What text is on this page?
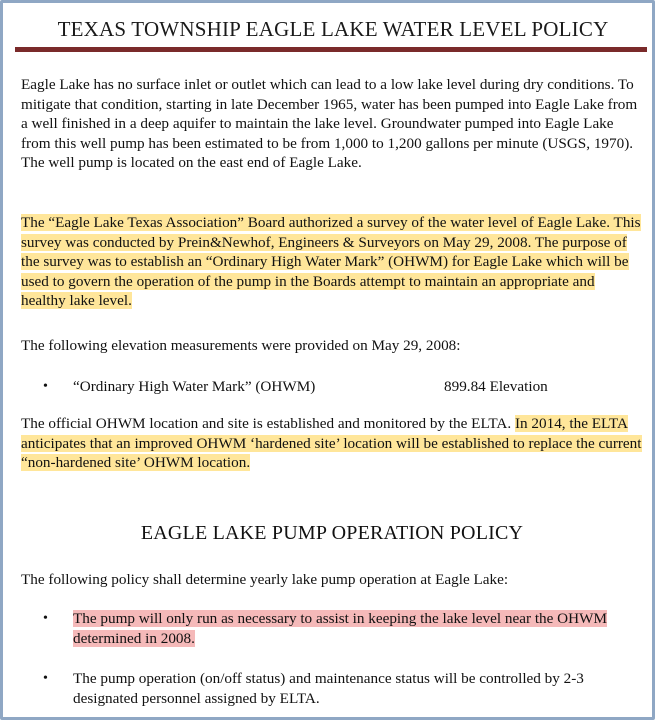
TEXAS TOWNSHIP EAGLE LAKE WATER LEVEL POLICY
Eagle Lake has no surface inlet or outlet which can lead to a low lake level during dry conditions. To mitigate that condition, starting in late December 1965, water has been pumped into Eagle Lake from a well finished in a deep aquifer to maintain the lake level. Groundwater pumped into Eagle Lake from this well pump has been estimated to be from 1,000 to 1,200 gallons per minute (USGS, 1970). The well pump is located on the east end of Eagle Lake.
The “Eagle Lake Texas Association” Board authorized a survey of the water level of Eagle Lake. This survey was conducted by Prein&Newhof, Engineers & Surveyors on May 29, 2008. The purpose of the survey was to establish an “Ordinary High Water Mark” (OHWM) for Eagle Lake which will be used to govern the operation of the pump in the Boards attempt to maintain an appropriate and healthy lake level.
The following elevation measurements were provided on May 29, 2008:
• “Ordinary High Water Mark” (OHWM)	899.84 Elevation
The official OHWM location and site is established and monitored by the ELTA. In 2014, the ELTA anticipates that an improved OHWM ‘hardened site’ location will be established to replace the current “non-hardened site’ OHWM location.
EAGLE LAKE PUMP OPERATION POLICY
The following policy shall determine yearly lake pump operation at Eagle Lake:
• The pump will only run as necessary to assist in keeping the lake level near the OHWM determined in 2008.
• The pump operation (on/off status) and maintenance status will be controlled by 2-3 designated personnel assigned by ELTA.
